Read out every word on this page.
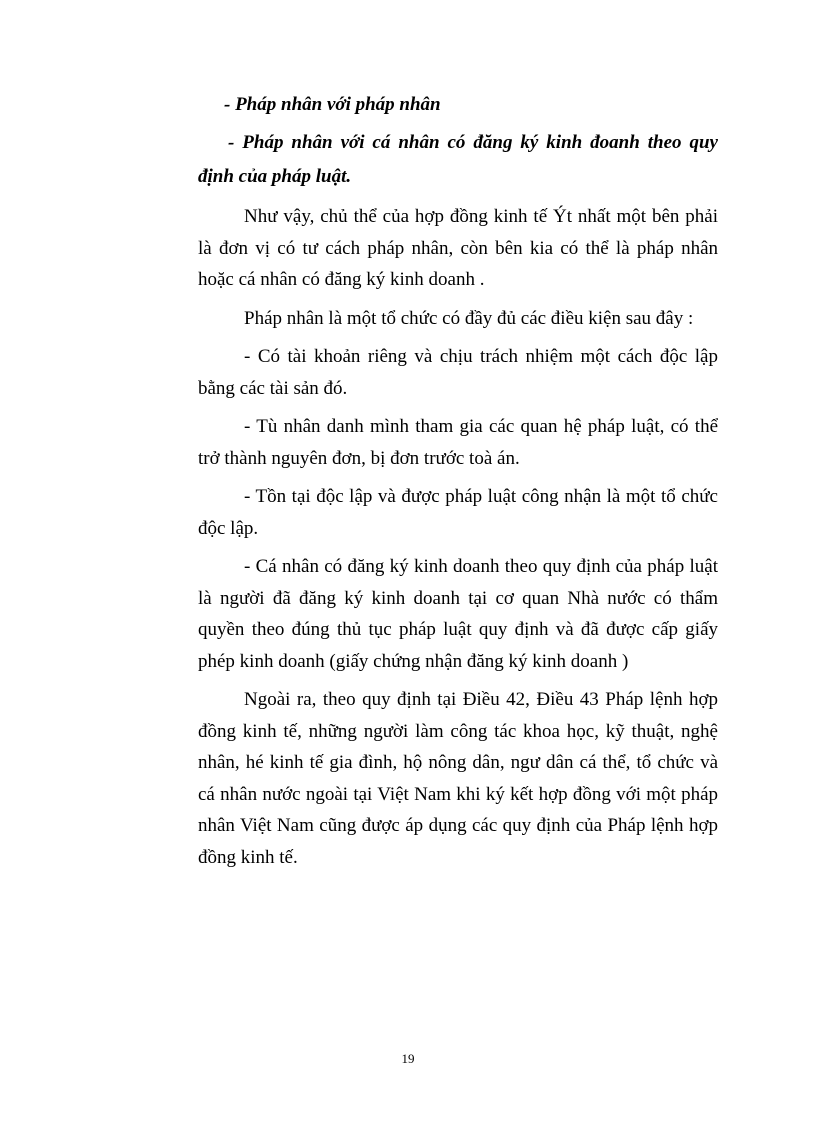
- Pháp nhân với pháp nhân

- Pháp nhân với cá nhân có đăng ký kinh đoanh theo quy định của pháp luật.

Như vậy, chủ thể của hợp đồng kinh tế Ýt nhất một bên phải là đơn vị có tư cách pháp nhân, còn bên kia có thể là pháp nhân hoặc cá nhân có đăng ký kinh doanh .

Pháp nhân là một tổ chức có đầy đủ các điều kiện sau đây :

- Có tài khoản riêng và chịu trách nhiệm một cách độc lập bằng các tài sản đó.

- Tù nhân danh mình tham gia các quan hệ pháp luật, có thể trở thành nguyên đơn, bị đơn trước toà án.

- Tồn tại độc lập và được pháp luật công nhận là một tổ chức độc lập.

- Cá nhân có đăng ký kinh doanh theo quy định của pháp luật là người đã đăng ký kinh doanh tại cơ quan Nhà nước có thẩm quyền theo đúng thủ tục pháp luật quy định và đã được cấp giấy phép kinh doanh (giấy chứng nhận đăng ký kinh doanh )

Ngoài ra, theo quy định tại Điều 42, Điều 43 Pháp lệnh hợp đồng kinh tế, những người làm công tác khoa học, kỹ thuật, nghệ nhân, hé kinh tế gia đình, hộ nông dân, ngư dân cá thể, tổ chức và cá nhân nước ngoài tại Việt Nam khi ký kết hợp đồng với một pháp nhân Việt Nam cũng được áp dụng các quy định của Pháp lệnh hợp đồng kinh tế.

19
